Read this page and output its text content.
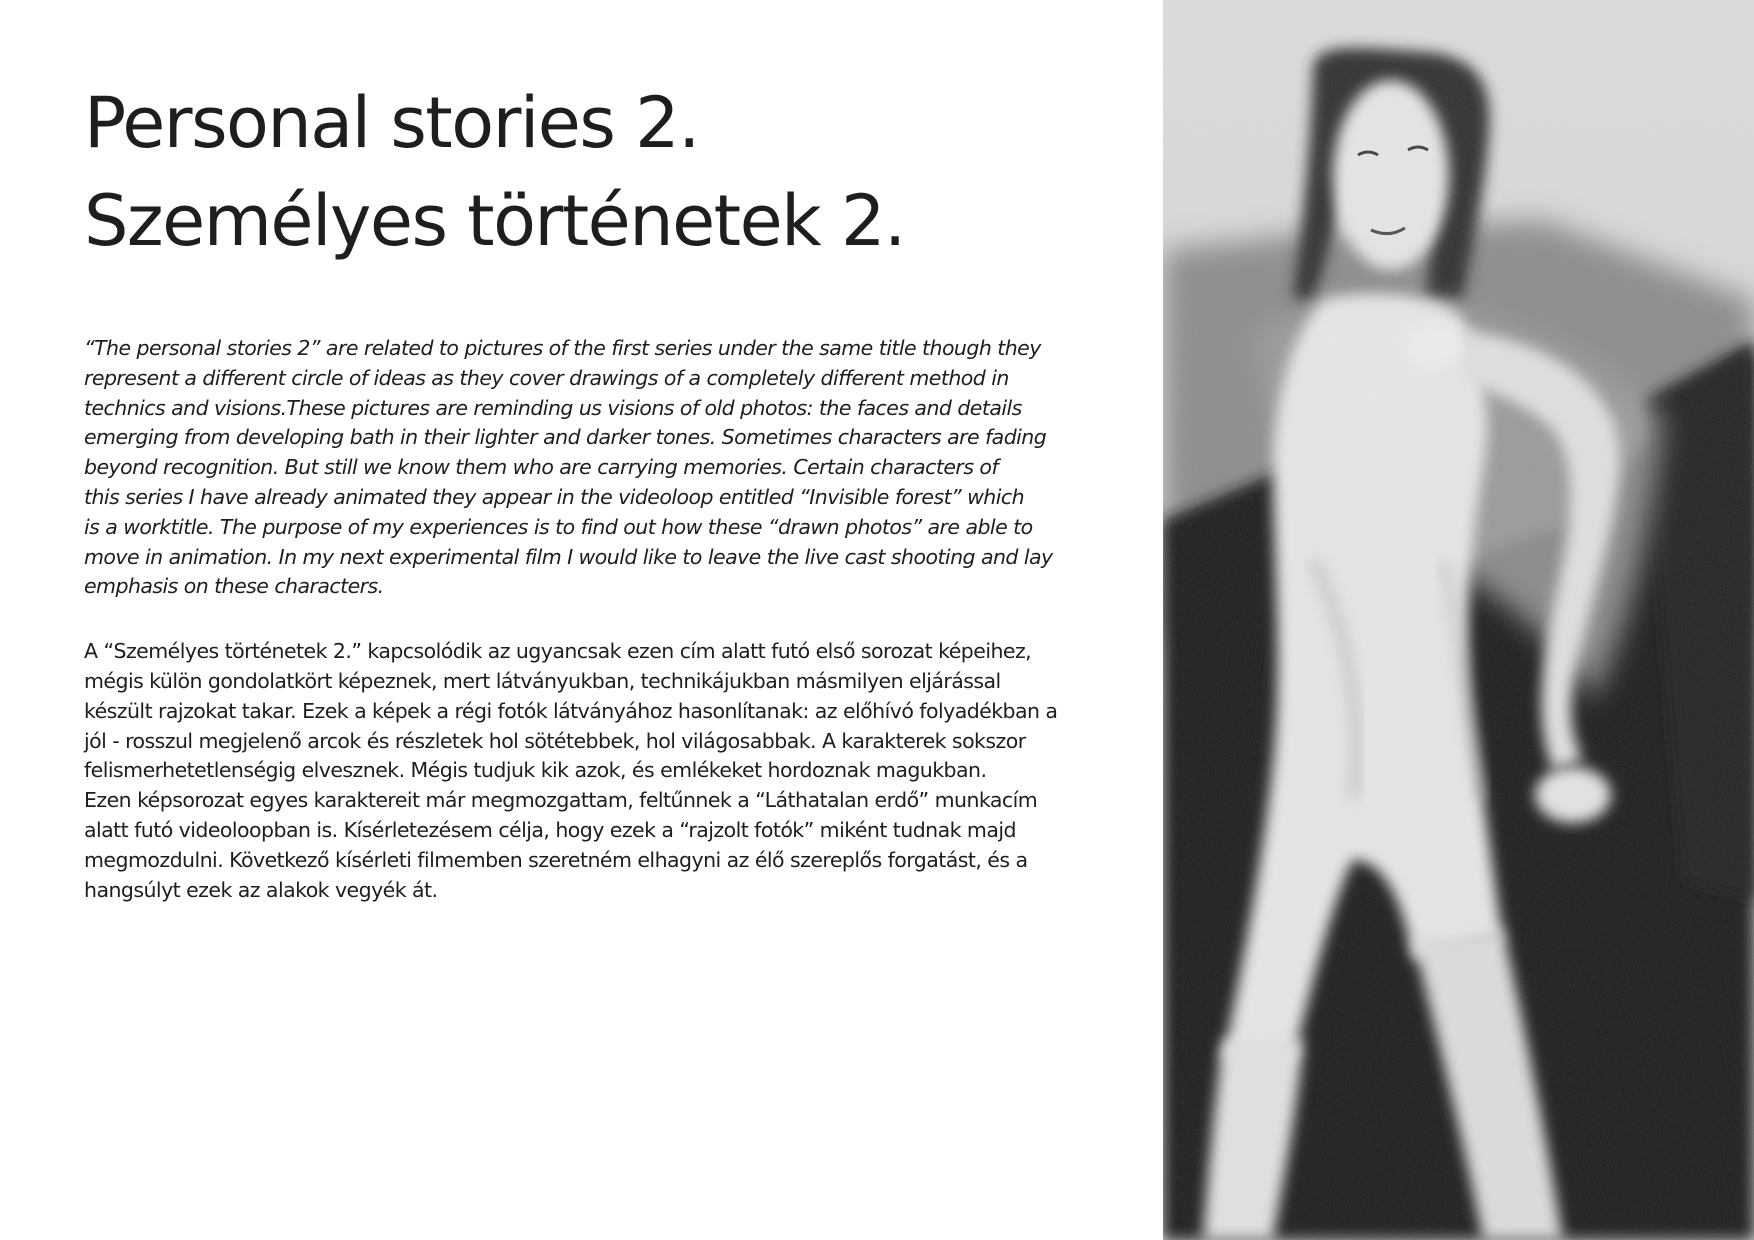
Personal stories 2.
Személyes történetek 2.

“The personal stories 2” are related to pictures of the first series under the same title though they
represent a different circle of ideas as they cover drawings of a completely different method in
technics and visions.These pictures are reminding us visions of old photos: the faces and details
emerging from developing bath in their lighter and darker tones. Sometimes characters are fading
beyond recognition. But still we know them who are carrying memories. Certain characters of
this series I have already animated they appear in the videoloop entitled “Invisible forest” which
is a worktitle. The purpose of my experiences is to find out how these “drawn photos” are able to
move in animation. In my next experimental film I would like to leave the live cast shooting and lay
emphasis on these characters.

A “Személyes történetek 2.” kapcsolódik az ugyancsak ezen cím alatt futó első sorozat képeihez,
mégis külön gondolatkört képeznek, mert látványukban, technikájukban másmilyen eljárással
készült rajzokat takar. Ezek a képek a régi fotók látványához hasonlítanak: az előhívó folyadékban a
jól - rosszul megjelenő arcok és részletek hol sötétebbek, hol világosabbak. A karakterek sokszor
felismerhetetlenségig elvesznek. Mégis tudjuk kik azok, és emlékeket hordoznak magukban.
Ezen képsorozat egyes karaktereit már megmozgattam, feltűnnek a “Láthatalan erdő” munkacím
alatt futó videoloopban is. Kísérletezésem célja, hogy ezek a “rajzolt fotók” miként tudnak majd
megmozdulni. Következő kísérleti filmemben szeretném elhagyni az élő szereplős forgatást, és a
hangsúlyt ezek az alakok vegyék át.
